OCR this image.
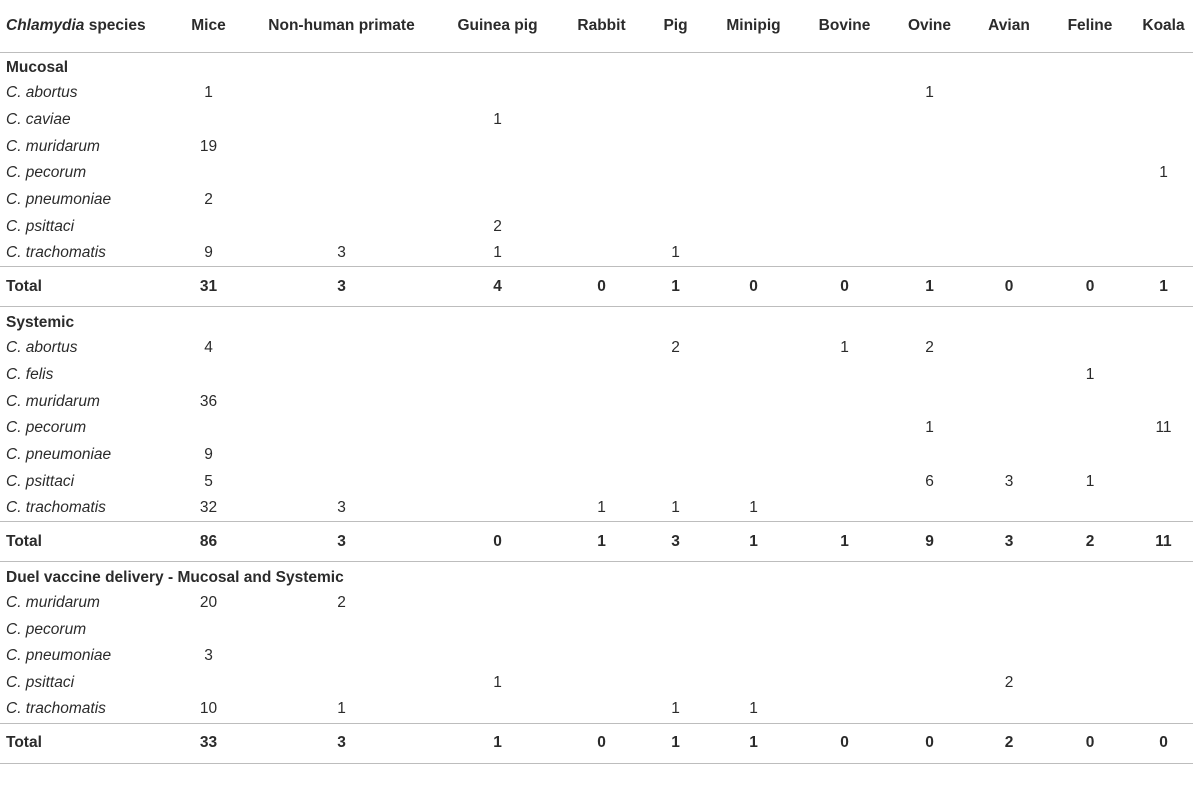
Chlamydia species	Mice	Non-human primate	Guinea pig	Rabbit	Pig	Minipig	Bovine	Ovine	Avian	Feline	Koala
Mucosal											
C. abortus	1							1			
C. caviae			1								
C. muridarum	19										
C. pecorum											1
C. pneumoniae	2										
C. psittaci			2								
C. trachomatis	9	3	1		1						
Total	31	3	4	0	1	0	0	1	0	0	1
Systemic											
C. abortus	4				2		1	2			
C. felis										1	
C. muridarum	36										
C. pecorum								1			11
C. pneumoniae	9										
C. psittaci	5							6	3	1	
C. trachomatis	32	3		1	1	1					
Total	86	3	0	1	3	1	1	9	3	2	11
Duel vaccine delivery - Mucosal and Systemic											
C. muridarum	20	2									
C. pecorum											
C. pneumoniae	3										
C. psittaci			1						2		
C. trachomatis	10	1			1	1					
Total	33	3	1	0	1	1	0	0	2	0	0
